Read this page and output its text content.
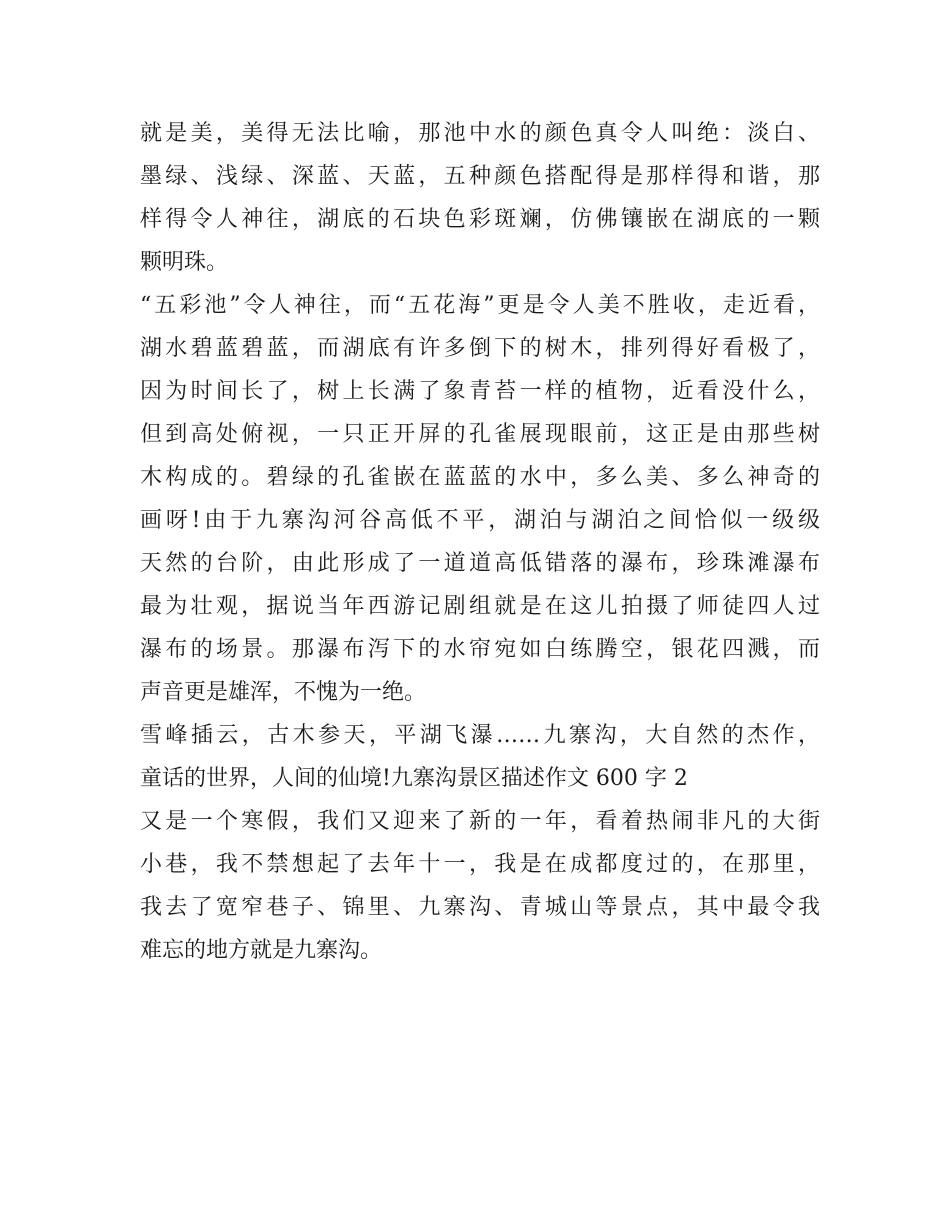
就是美，美得无法比喻，那池中水的颜色真令人叫绝：淡白、
墨绿、浅绿、深蓝、天蓝，五种颜色搭配得是那样得和谐，那
样得令人神往，湖底的石块色彩斑斓，仿佛镶嵌在湖底的一颗
颗明珠。
“五彩池”令人神往，而“五花海”更是令人美不胜收，走近看，
湖水碧蓝碧蓝，而湖底有许多倒下的树木，排列得好看极了，
因为时间长了，树上长满了象青苔一样的植物，近看没什么，
但到高处俯视，一只正开屏的孔雀展现眼前，这正是由那些树
木构成的。碧绿的孔雀嵌在蓝蓝的水中，多么美、多么神奇的
画呀!由于九寨沟河谷高低不平，湖泊与湖泊之间恰似一级级
天然的台阶，由此形成了一道道高低错落的瀑布，珍珠滩瀑布
最为壮观，据说当年西游记剧组就是在这儿拍摄了师徒四人过
瀑布的场景。那瀑布泻下的水帘宛如白练腾空，银花四溅，而
声音更是雄浑，不愧为一绝。
雪峰插云，古木参天，平湖飞瀑……九寨沟，大自然的杰作，
童话的世界，人间的仙境!九寨沟景区描述作文 600 字 2
又是一个寒假，我们又迎来了新的一年，看着热闹非凡的大街
小巷，我不禁想起了去年十一，我是在成都度过的，在那里，
我去了宽窄巷子、锦里、九寨沟、青城山等景点，其中最令我
难忘的地方就是九寨沟。
